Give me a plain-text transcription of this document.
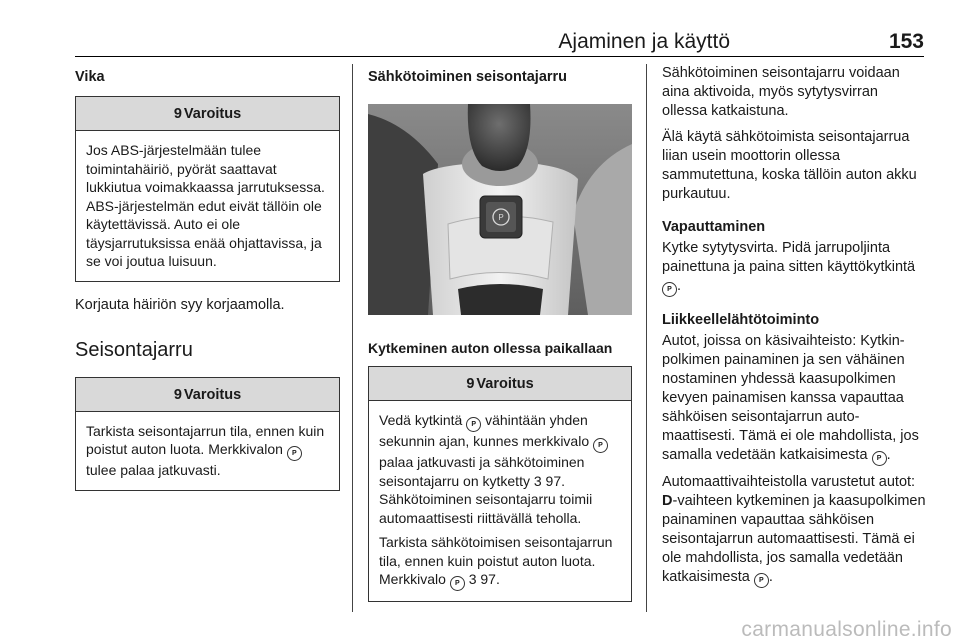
Ajaminen ja käyttö	153
Vika
9 Varoitus

Jos ABS-järjestelmään tulee toimintahäiriö, pyörät saattavat lukkiutua voimakkaassa jarrutuksessa. ABS-järjestelmän edut eivät tällöin ole käytettävissä. Auto ei ole täysjarrutuksissa enää ohjattavissa, ja se voi joutua luisuun.

Korjauta häiriön syy korjaamolla.

Seisontajarru
9 Varoitus

Tarkista seisontajarrun tila, ennen kuin poistut auton luota. Merkkivalon P tulee palaa jatkuvasti.

Sähkötoiminen seisontajarru
P
Kytkeminen auton ollessa paikallaan
9 Varoitus

Vedä kytkintä P vähintään yhden sekunnin ajan, kunnes merkkivalo P palaa jatkuvasti ja sähkötoiminen seisontajarru on kytketty 3 97. Sähkötoiminen seisontajarru toimii automaattisesti riittävällä teholla.

Tarkista sähkötoimisen seisontajarrun tila, ennen kuin poistut auton luota. Merkkivalo P 3 97.

Sähkötoiminen seisontajarru voidaan aina aktivoida, myös sytytysvirran ollessa katkaistuna.

Älä käytä sähkötoimista seisontajarrua liian usein moottorin ollessa sammutettuna, koska tällöin auton akku purkautuu.

Vapauttaminen

Kytke sytytysvirta. Pidä jarrupoljinta painettuna ja paina sitten käyttökytkintä P .

Liikkeellelähtötoiminto

Autot, joissa on käsivaihteisto: Kytkinpolkimen painaminen ja sen vähäinen nostaminen yhdessä kaasupolkimen kevyen painamisen kanssa vapauttaa sähköisen seisontajarrun automaattisesti. Tämä ei ole mahdollista, jos samalla vedetään katkaisimesta P .

Automaattivaihteistolla varustetut autot: D-vaihteen kytkeminen ja kaasupolkimen painaminen vapauttaa sähköisen seisontajarrun automaattisesti. Tämä ei ole mahdollista, jos samalla vedetään katkaisimesta P .

carmanualsonline.info
